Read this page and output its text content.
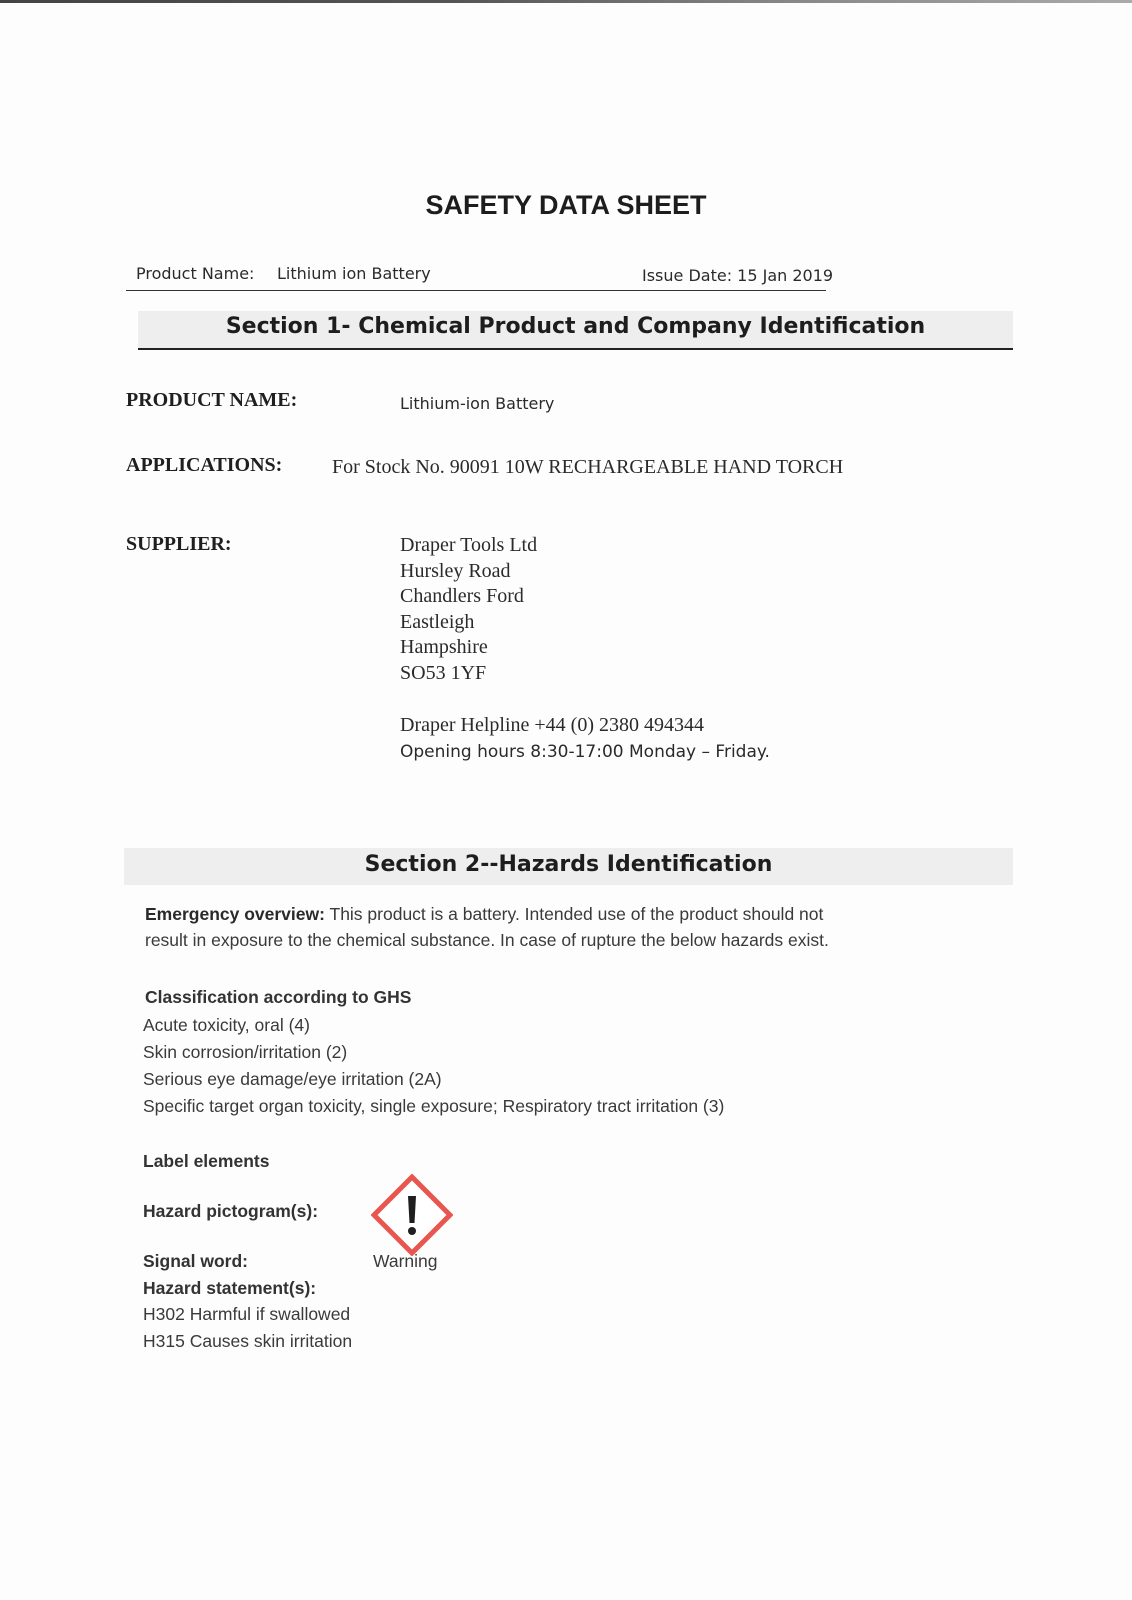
SAFETY DATA SHEET
Product Name: Lithium ion Battery	Issue Date: 15 Jan 2019
Section 1- Chemical Product and Company Identification
PRODUCT NAME:	Lithium-ion Battery
APPLICATIONS: For Stock No. 90091 10W RECHARGEABLE HAND TORCH
SUPPLIER:	Draper Tools Ltd
Hursley Road
Chandlers Ford
Eastleigh
Hampshire
SO53 1YF
Draper Helpline +44 (0) 2380 494344
Opening hours 8:30-17:00 Monday – Friday.
Section 2--Hazards Identification
Emergency overview: This product is a battery. Intended use of the product should not
result in exposure to the chemical substance. In case of rupture the below hazards exist.
Classification according to GHS
Acute toxicity, oral (4)
Skin corrosion/irritation (2)
Serious eye damage/eye irritation (2A)
Specific target organ toxicity, single exposure; Respiratory tract irritation (3)
Label elements
Hazard pictogram(s):
Signal word:	Warning
Hazard statement(s):
H302 Harmful if swallowed
H315 Causes skin irritation
